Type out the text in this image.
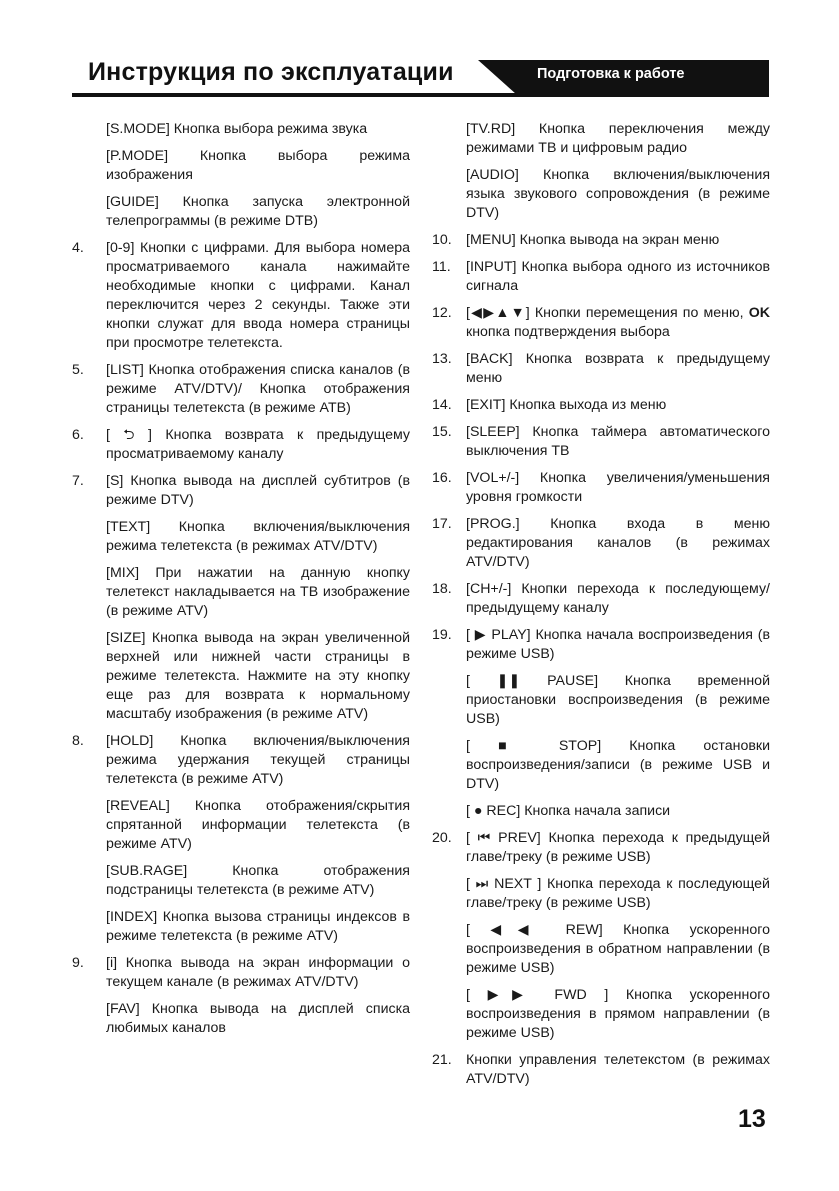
Инструкция по эксплуатации	Подготовка к работе
[S.MODE] Кнопка выбора режима звука
[P.MODE] Кнопка выбора режима изображения
[GUIDE] Кнопка запуска электронной телепрограммы (в режиме DTB)
4. [0-9] Кнопки с цифрами. Для выбора номера просматриваемого канала нажимайте необходимые кнопки с цифрами. Канал переключится через 2 секунды. Также эти кнопки служат для ввода номера страницы при просмотре телетекста.
5. [LIST] Кнопка отображения списка каналов (в режиме ATV/DTV)/ Кнопка отображения страницы телетекста (в режиме ATB)
6. [ ⮌ ] Кнопка возврата к предыдущему просматриваемому каналу
7. [S] Кнопка вывода на дисплей субтитров (в режиме DTV)
[TEXT] Кнопка включения/выключения режима телетекста (в режимах ATV/DTV)
[MIX] При нажатии на данную кнопку телетекст накладывается на ТВ изображение (в режиме ATV)
[SIZE] Кнопка вывода на экран увеличенной верхней или нижней части страницы в режиме телетекста. Нажмите на эту кнопку еще раз для возврата к нормальному масштабу изображения (в режиме ATV)
8. [HOLD] Кнопка включения/выключения режима удержания текущей страницы телетекста (в режиме ATV)
[REVEAL] Кнопка отображения/скрытия спрятанной информации телетекста (в режиме ATV)
[SUB.RAGE] Кнопка отображения подстраницы телетекста (в режиме ATV)
[INDEX] Кнопка вызова страницы индексов в режиме телетекста (в режиме ATV)
9. [i] Кнопка вывода на экран информации о текущем канале (в режимах ATV/DTV)
[FAV] Кнопка вывода на дисплей списка любимых каналов
[TV.RD] Кнопка переключения между режимами ТВ и цифровым радио
[AUDIO] Кнопка включения/выключения языка звукового сопровождения (в режиме DTV)
10. [MENU] Кнопка вывода на экран меню
11. [INPUT] Кнопка выбора одного из источников сигнала
12. [◀▶▲▼] Кнопки перемещения по меню, OK кнопка подтверждения выбора
13. [BACK] Кнопка возврата к предыдущему меню
14. [EXIT] Кнопка выхода из меню
15. [SLEEP] Кнопка таймера автоматического выключения ТВ
16. [VOL+/-] Кнопка увеличения/уменьшения уровня громкости
17. [PROG.] Кнопка входа в меню редактирования каналов (в режимах ATV/DTV)
18. [CH+/-] Кнопки перехода к последующему/предыдущему каналу
19. [ ▶ PLAY] Кнопка начала воспроизведения (в режиме USB)
[ ❚❚ PAUSE] Кнопка временной приостановки воспроизведения (в режиме USB)
[ ■ STOP] Кнопка остановки воспроизведения/записи (в режиме USB и DTV)
[ ● REC] Кнопка начала записи
20. [ ⏮ PREV] Кнопка перехода к предыдущей главе/треку (в режиме USB)
[ ⏭ NEXT ] Кнопка перехода к последующей главе/треку (в режиме USB)
[ ◀◀ REW] Кнопка ускоренного воспроизведения в обратном направлении (в режиме USB)
[ ▶▶ FWD ] Кнопка ускоренного воспроизведения в прямом направлении (в режиме USB)
21. Кнопки управления телетекстом (в режимах ATV/DTV)
13
